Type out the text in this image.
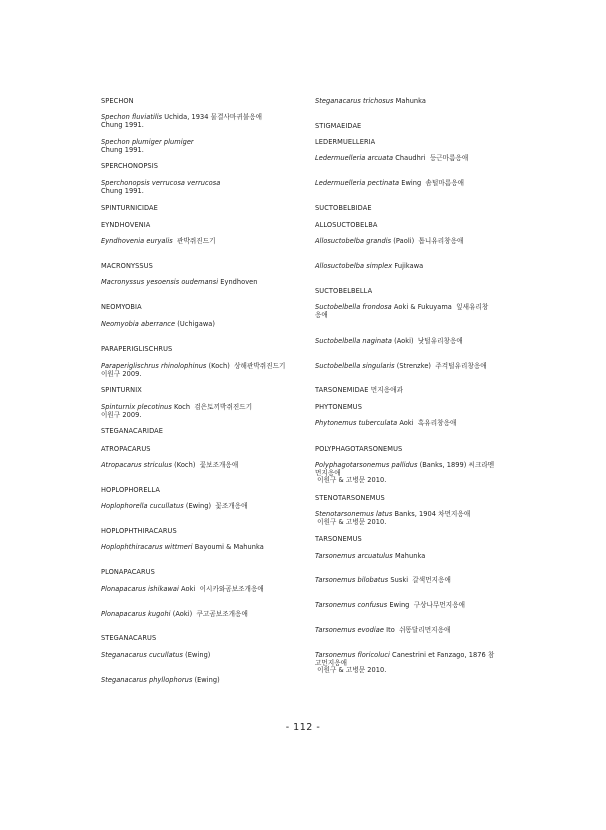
SPECHON
Spechon fluviatilis Uchida, 1934 물결사마귀불응애
Chung 1991.
Spechon plumiger plumiger
Chung 1991.
SPERCHONOPSIS
Sperchonopsis verrucosa verrucosa
Chung 1991.
SPINTURNICIDAE
EYNDHOVENIA
Eyndhovenia euryalis  관박쥐진드기
MACRONYSSUS
Macronyssus yesoensis oudemansi Eyndhoven
NEOMYOBIA
Neomyobia aberrance (Uchigawa)
PARAPERIGLISCHRUS
Paraperiglischrus rhinolophinus (Koch)  상해관박쥐진드기
이원구 2009.
SPINTURNIX
Spinturnix plecotinus Koch  검은토끼박쥐진드기
이원구 2009.
STEGANACARIDAE
ATROPACARUS
Atropacarus striculus (Koch)  꽃보조개응애
HOPLOPHORELLA
Hoplophorella cucullatus (Ewing)  꽃조개응애
HOPLOPHTHIRACARUS
Hoplophthiracarus wittmeri Bayoumi & Mahunka
PLONAPACARUS
Plonapacarus ishikawai Aoki  이시카와곰보조개응애
Plonapacarus kugohi (Aoki)  쿠고곰보조개응애
STEGANACARUS
Steganacarus cucullatus (Ewing)
Steganacarus phyllophorus (Ewing)
Steganacarus trichosus Mahunka
STIGMAEIDAE
LEDERMUELLERIA
Ledermuelleria arcuata Chaudhri  등근마름응애
Ledermuelleria pectinata Ewing  솜털마름응애
SUCTOBELBIDAE
ALLOSUCTOBELBA
Allosuctobelba grandis (Paoli)  톱니유리창응애
Allosuctobelba simplex Fujikawa
SUCTOBELBELLA
Suctobelbella frondosa Aoki & Fukuyama  잎새유리창
응애
Suctobelbella naginata (Aoki)  낫털유리창응애
Suctobelbella singularis (Strenzke)  주걱털유리창응애
TARSONEMIDAE 먼지응애과
PHYTONEMUS
Phytonemus tuberculata Aoki  혹유리창응애
POLYPHAGOTARSONEMUS
Polyphagotarsonemus pallidus (Banks, 1899) 씨크라멘
먼지응애
이원구 & 고병문 2010.
STENOTARSONEMUS
Stenotarsonemus latus Banks, 1904 차먼지응애
이원구 & 고병문 2010.
TARSONEMUS
Tarsonemus arcuatulus Mahunka
Tarsonemus bilobatus Suski  갈색먼지응애
Tarsonemus confusus Ewing  구상나무먼지응애
Tarsonemus evodiae Ito  쉬똥달리먼지응애
Tarsonemus floricoluci Canestrini et Fanzago, 1876 참
고먼지응애
이원구 & 고병문 2010.
- 112 -
